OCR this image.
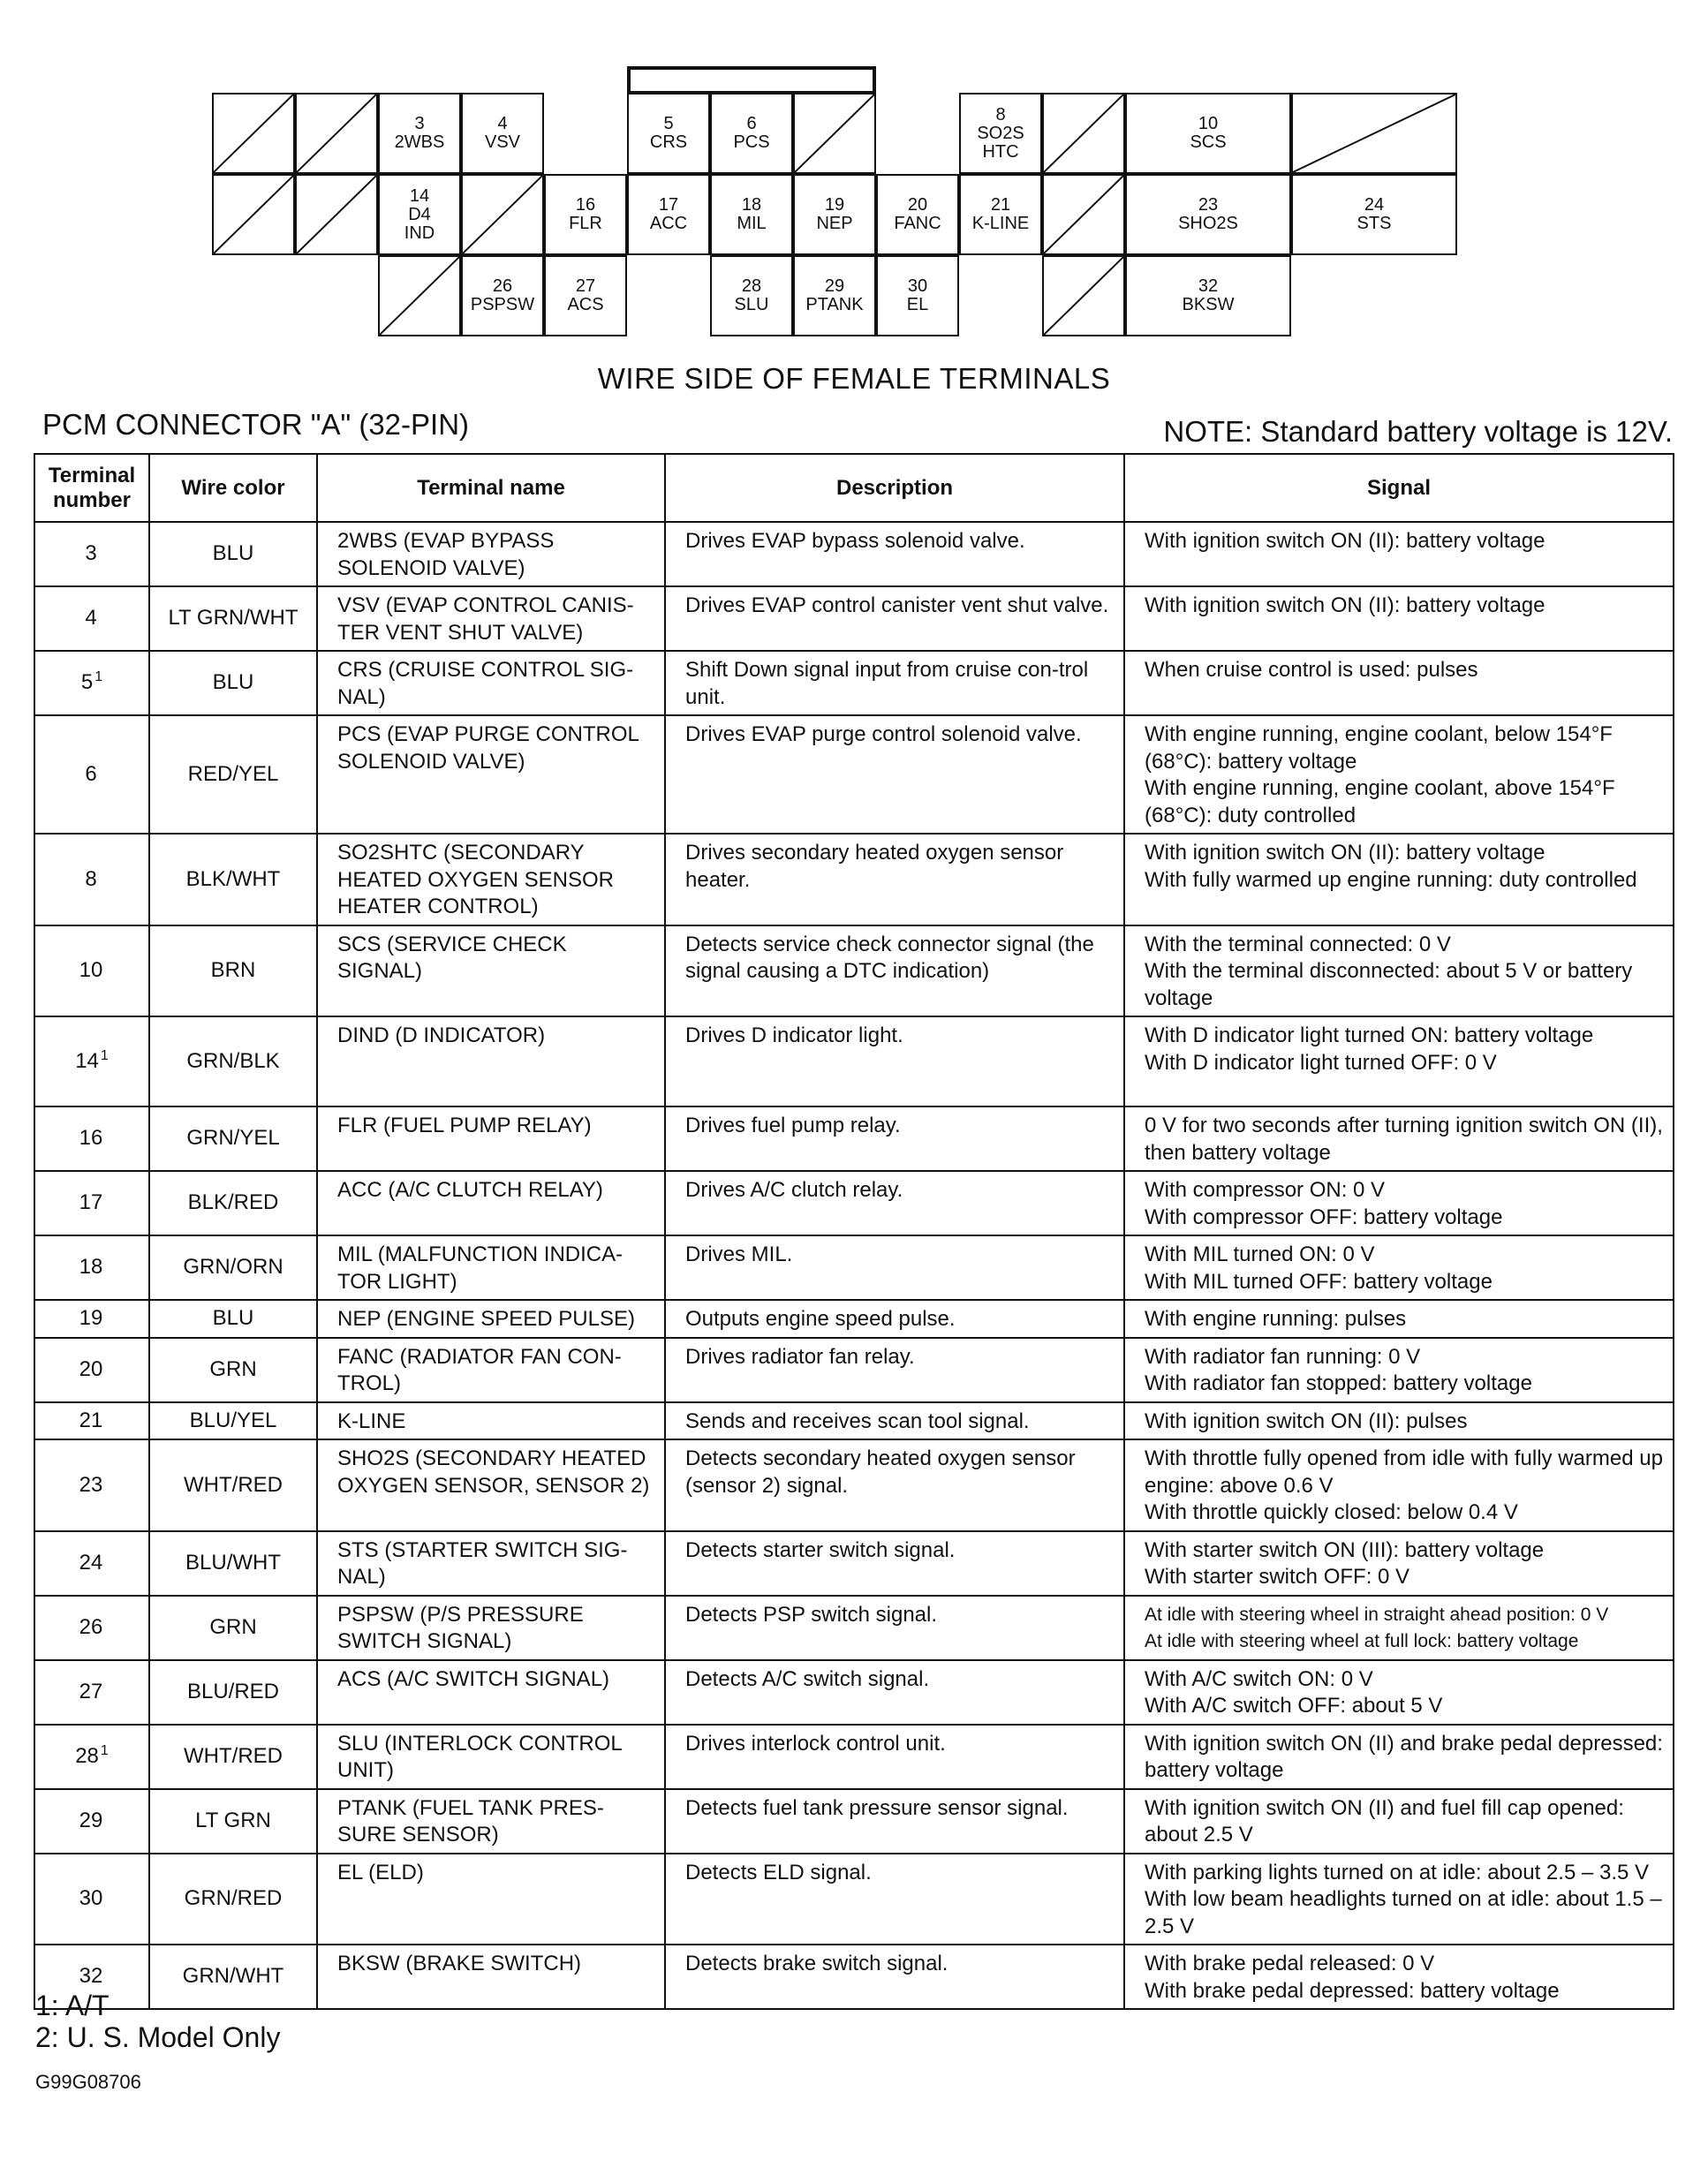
3
2WBS
4
VSV
5
CRS
6
PCS
8
SO2S
HTC
10
SCS
14
D4
IND
16
FLR
17
ACC
18
MIL
19
NEP
20
FANC
21
K-LINE
23
SHO2S
24
STS
26
PSPSW
27
ACS
28
SLU
29
PTANK
30
EL
32
BKSW
WIRE SIDE OF FEMALE TERMINALS
PCM CONNECTOR "A" (32-PIN)	NOTE: Standard battery voltage is 12V.
Terminal number	Wire color	Terminal name	Description	Signal
3	BLU	2WBS (EVAP BYPASS SOLENOID VALVE)	Drives EVAP bypass solenoid valve.	With ignition switch ON (II): battery voltage
4	LT GRN/WHT	VSV (EVAP CONTROL CANIS-TER VENT SHUT VALVE)	Drives EVAP control canister vent shut valve.	With ignition switch ON (II): battery voltage
5 $^1$	BLU	CRS (CRUISE CONTROL SIG-NAL)	Shift Down signal input from cruise con-trol unit.	When cruise control is used: pulses
6	RED/YEL	PCS (EVAP PURGE CONTROL SOLENOID VALVE)	Drives EVAP purge control solenoid valve.	With engine running, engine coolant, below 154°F (68°C): battery voltage
With engine running, engine coolant, above 154°F (68°C): duty controlled
8	BLK/WHT	SO2SHTC (SECONDARY HEATED OXYGEN SENSOR HEATER CONTROL)	Drives secondary heated oxygen sensor heater.	With ignition switch ON (II): battery voltage
With fully warmed up engine running: duty controlled
10	BRN	SCS (SERVICE CHECK SIGNAL)	Detects service check connector signal (the signal causing a DTC indication)	With the terminal connected: 0 V
With the terminal disconnected: about 5 V or battery voltage
14 $^1$	GRN/BLK	DIND (D INDICATOR)	Drives D indicator light.	With D indicator light turned ON: battery voltage
With D indicator light turned OFF: 0 V
16	GRN/YEL	FLR (FUEL PUMP RELAY)	Drives fuel pump relay.	0 V for two seconds after turning ignition switch ON (II), then battery voltage
17	BLK/RED	ACC (A/C CLUTCH RELAY)	Drives A/C clutch relay.	With compressor ON: 0 V
With compressor OFF: battery voltage
18	GRN/ORN	MIL (MALFUNCTION INDICA-TOR LIGHT)	Drives MIL.	With MIL turned ON: 0 V
With MIL turned OFF: battery voltage
19	BLU	NEP (ENGINE SPEED PULSE)	Outputs engine speed pulse.	With engine running: pulses
20	GRN	FANC (RADIATOR FAN CON-TROL)	Drives radiator fan relay.	With radiator fan running: 0 V
With radiator fan stopped: battery voltage
21	BLU/YEL	K-LINE	Sends and receives scan tool signal.	With ignition switch ON (II): pulses
23	WHT/RED	SHO2S (SECONDARY HEATED OXYGEN SENSOR, SENSOR 2)	Detects secondary heated oxygen sensor (sensor 2) signal.	With throttle fully opened from idle with fully warmed up engine: above 0.6 V
With throttle quickly closed: below 0.4 V
24	BLU/WHT	STS (STARTER SWITCH SIG-NAL)	Detects starter switch signal.	With starter switch ON (III): battery voltage
With starter switch OFF: 0 V
26	GRN	PSPSW (P/S PRESSURE SWITCH SIGNAL)	Detects PSP switch signal.	At idle with steering wheel in straight ahead position: 0 V
At idle with steering wheel at full lock: battery voltage
27	BLU/RED	ACS (A/C SWITCH SIGNAL)	Detects A/C switch signal.	With A/C switch ON: 0 V
With A/C switch OFF: about 5 V
28 $^1$	WHT/RED	SLU (INTERLOCK CONTROL UNIT)	Drives interlock control unit.	With ignition switch ON (II) and brake pedal depressed: battery voltage
29	LT GRN	PTANK (FUEL TANK PRES-SURE SENSOR)	Detects fuel tank pressure sensor signal.	With ignition switch ON (II) and fuel fill cap opened: about 2.5 V
30	GRN/RED	EL (ELD)	Detects ELD signal.	With parking lights turned on at idle: about 2.5 – 3.5 V
With low beam headlights turned on at idle: about 1.5 – 2.5 V
32	GRN/WHT	BKSW (BRAKE SWITCH)	Detects brake switch signal.	With brake pedal released: 0 V
With brake pedal depressed: battery voltage
1: A/T
2: U. S. Model Only
G99G08706
